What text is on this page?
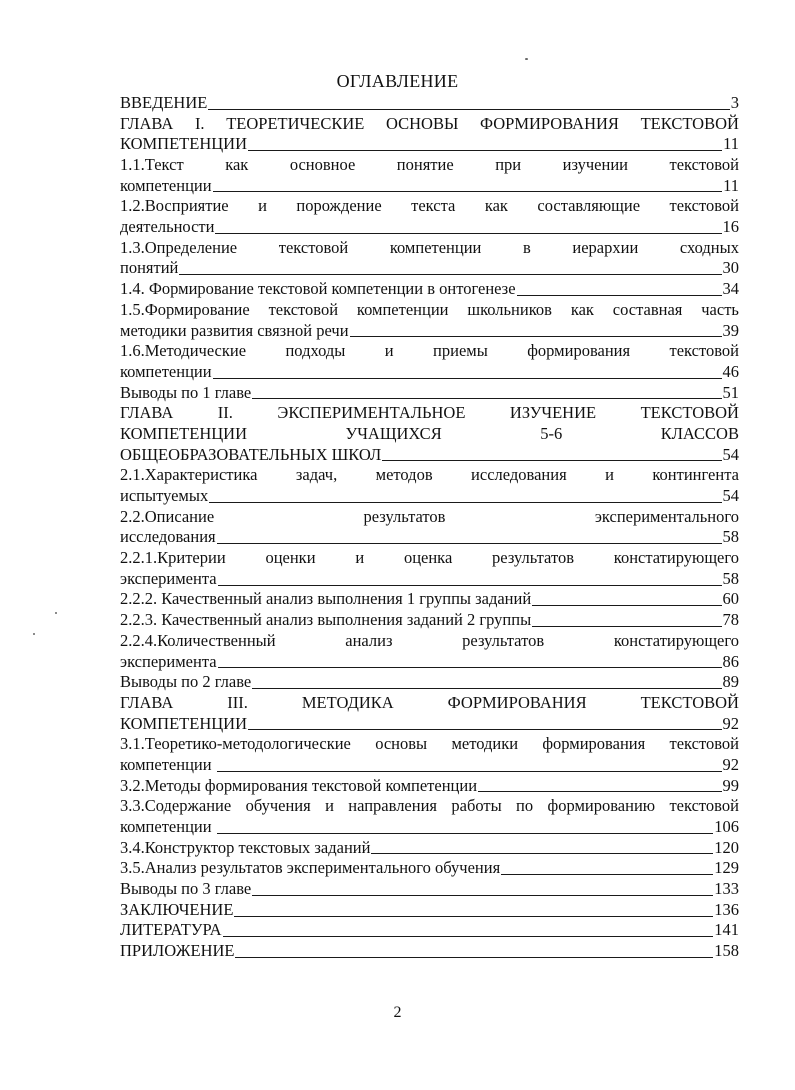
ОГЛАВЛЕНИЕ
ВВЕДЕНИЕ	3
ГЛАВА I. ТЕОРЕТИЧЕСКИЕ ОСНОВЫ ФОРМИРОВАНИЯ ТЕКСТОВОЙ
КОМПЕТЕНЦИИ	11
1.1.Текст	как	основное	понятие	при	изучении	текстовой
компетенции	11
1.2.Восприятие и порождение текста как составляющие текстовой
деятельности	16
1.3.Определение	текстовой	компетенции	в	иерархии	сходных
понятий	30
1.4. Формирование текстовой компетенции в онтогенезе	34
1.5.Формирование текстовой компетенции школьников как составная часть
методики развития связной речи	39
1.6.Методические подходы и приемы формирования текстовой
компетенции	46
Выводы по 1 главе	51
ГЛАВА	II.	ЭКСПЕРИМЕНТАЛЬНОЕ	ИЗУЧЕНИЕ	ТЕКСТОВОЙ
КОМПЕТЕНЦИИ	УЧАЩИХСЯ	5-6	КЛАССОВ
ОБЩЕОБРАЗОВАТЕЛЬНЫХ ШКОЛ	54
2.1.Характеристика задач, методов исследования и контингента
испытуемых	54
2.2.Описание	результатов	экспериментального
исследования	58
2.2.1.Критерии оценки и оценка результатов констатирующего
эксперимента	58
2.2.2. Качественный анализ выполнения 1 группы заданий	60
2.2.3. Качественный анализ выполнения заданий 2 группы	78
2.2.4.Количественный	анализ	результатов	констатирующего
эксперимента	86
Выводы по 2 главе	89
ГЛАВА	III.	МЕТОДИКА	ФОРМИРОВАНИЯ	ТЕКСТОВОЙ
КОМПЕТЕНЦИИ	92
3.1.Теоретико-методологические основы методики формирования текстовой
компетенции	92
3.2.Методы формирования текстовой компетенции	99
3.3.Содержание обучения и направления работы по формированию текстовой
компетенции	106
3.4.Конструктор текстовых заданий	120
3.5.Анализ результатов экспериментального обучения	129
Выводы по 3 главе	133
ЗАКЛЮЧЕНИЕ	136
ЛИТЕРАТУРА	141
ПРИЛОЖЕНИЕ	158
2
